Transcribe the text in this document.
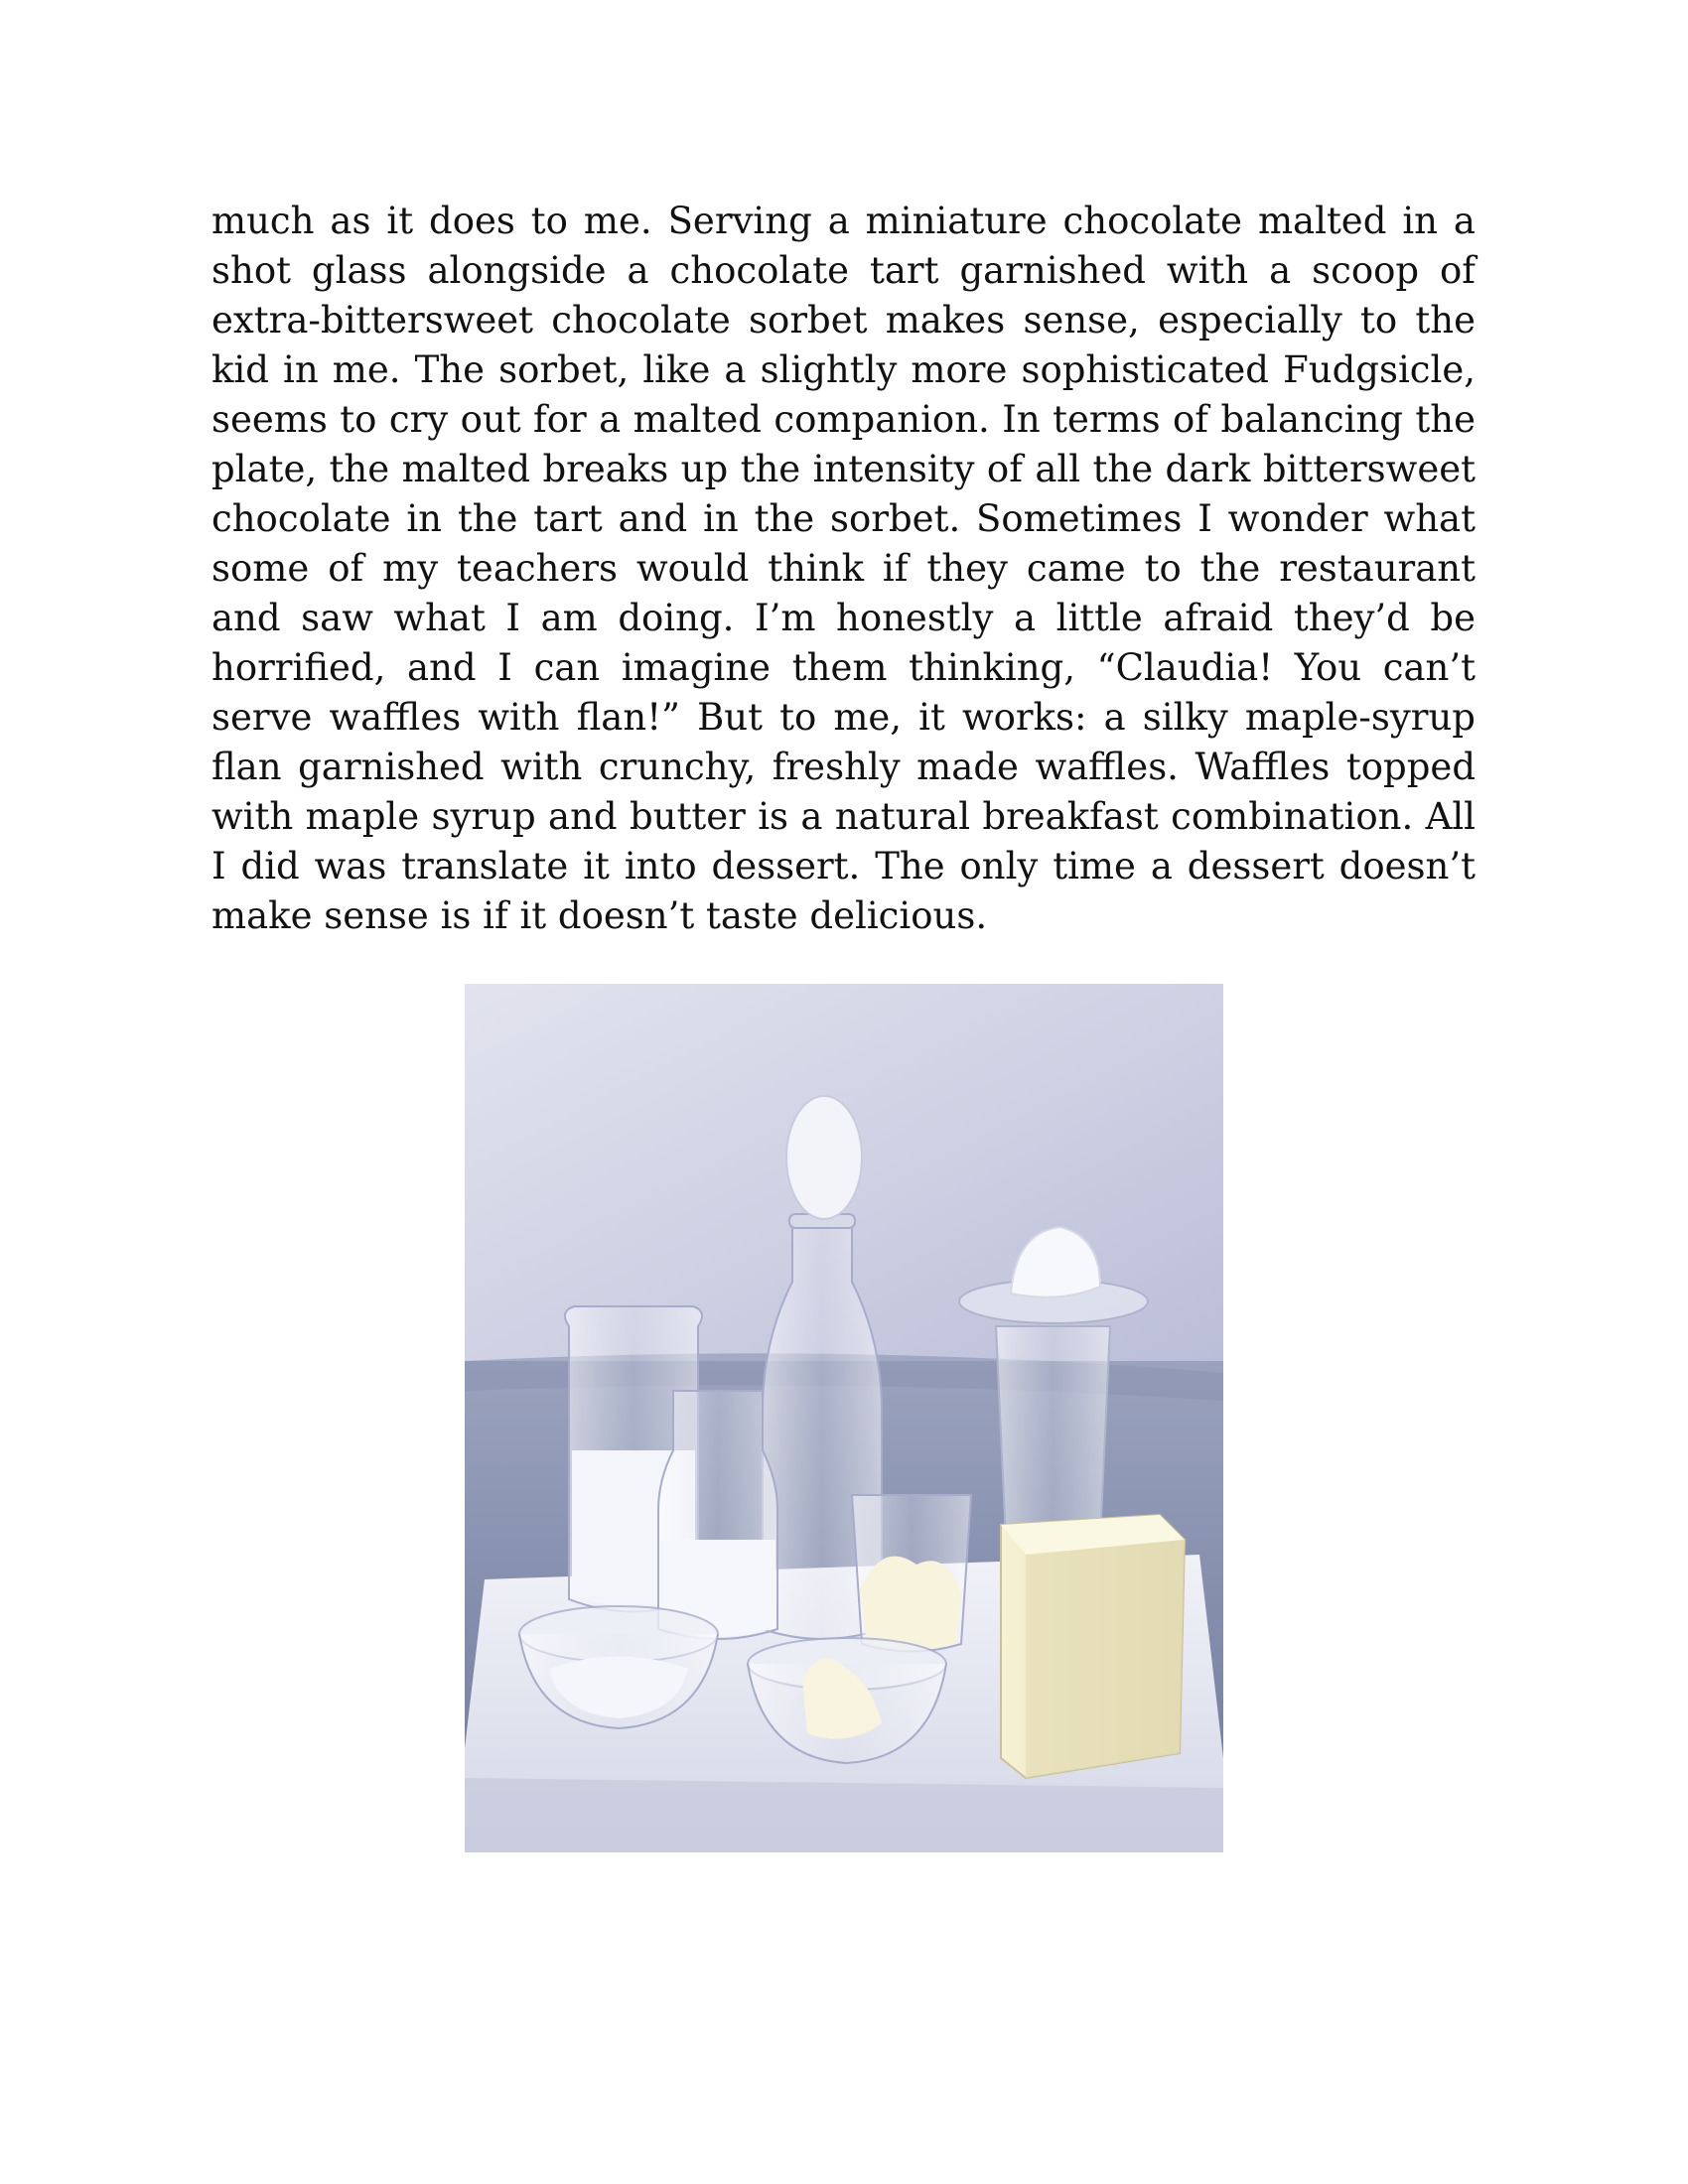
much as it does to me. Serving a miniature chocolate malted in a shot glass alongside a chocolate tart garnished with a scoop of extra-bittersweet chocolate sorbet makes sense, especially to the kid in me. The sorbet, like a slightly more sophisticated Fudgsicle, seems to cry out for a malted companion. In terms of balancing the plate, the malted breaks up the intensity of all the dark bittersweet chocolate in the tart and in the sorbet. Sometimes I wonder what some of my teachers would think if they came to the restaurant and saw what I am doing. I’m honestly a little afraid they’d be horrified, and I can imagine them thinking, “Claudia! You can’t serve waffles with flan!” But to me, it works: a silky maple-syrup flan garnished with crunchy, freshly made waffles. Waffles topped with maple syrup and butter is a natural breakfast combination. All I did was translate it into dessert. The only time a dessert doesn’t make sense is if it doesn’t taste delicious.
